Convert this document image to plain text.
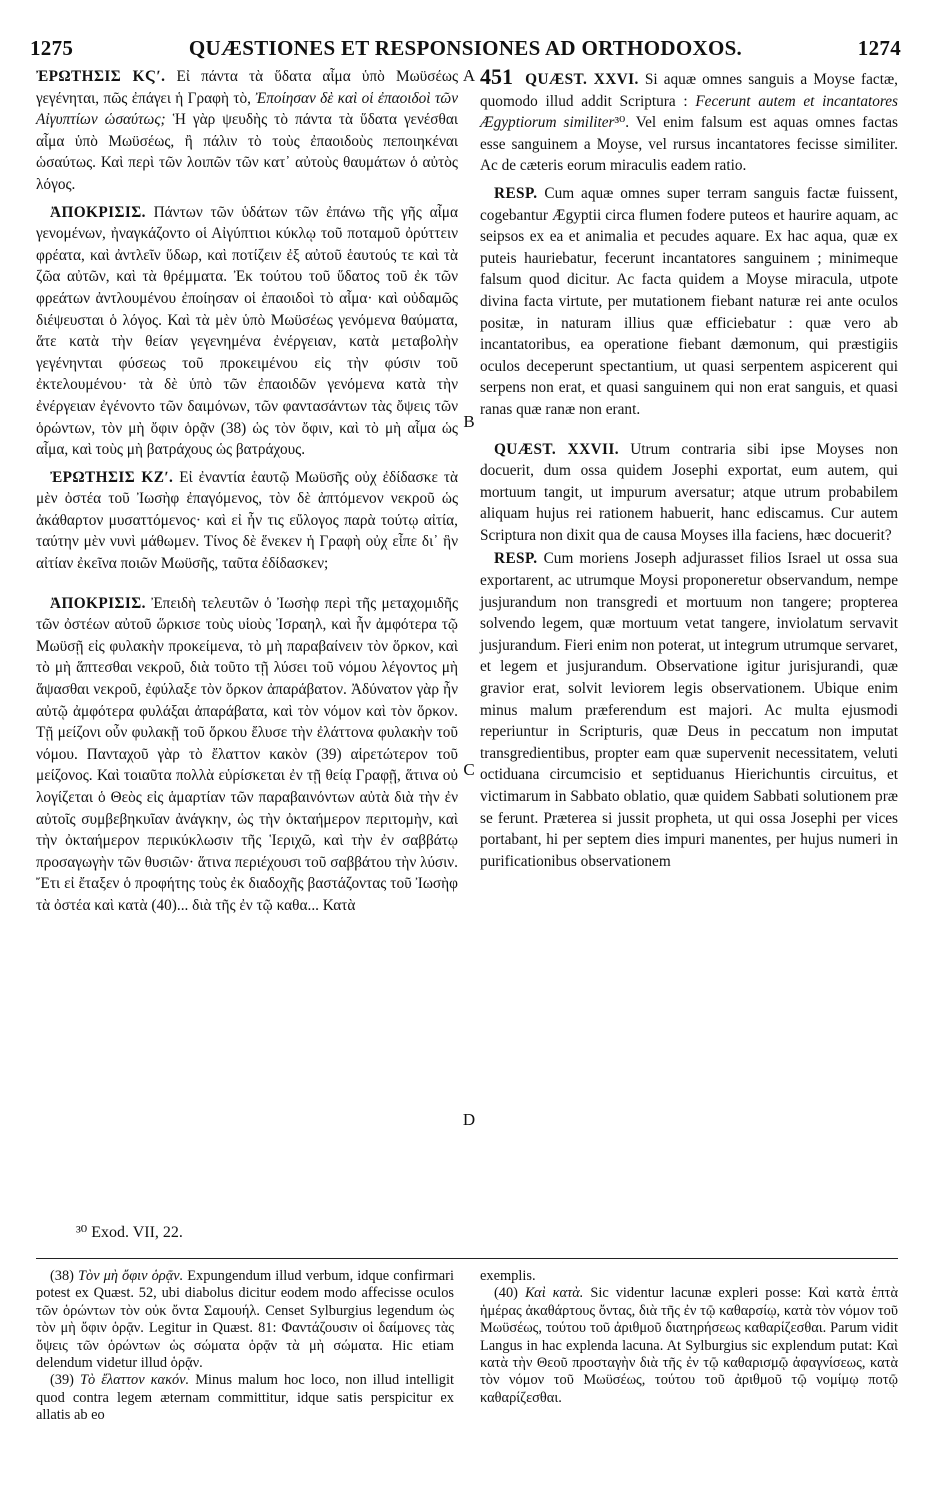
1275	QUÆSTIONES ET RESPONSIONES AD ORTHODOXOS.	1274

ἘΡΩΤΗΣΙΣ ΚϚʹ. Εἰ πάντα τὰ ὕδατα αἷμα ὑπὸ Μωϋσέως γεγένηται, πῶς ἐπάγει ἡ Γραφὴ τὸ, Ἐποίησαν δὲ καὶ οἱ ἐπαοιδοὶ τῶν Αἰγυπτίων ὡσαύτως; Ἡ γὰρ ψευδὴς τὸ πάντα τὰ ὕδατα γενέσθαι αἷμα ὑπὸ Μωϋσέως, ἢ πάλιν τὸ τοὺς ἐπαοιδοὺς πεποιηκέναι ὡσαύτως. Καὶ περὶ τῶν λοιπῶν τῶν κατ᾽ αὐτοὺς θαυμάτων ὁ αὐτὸς λόγος.

ἈΠΟΚΡΙΣΙΣ. Πάντων τῶν ὑδάτων τῶν ἐπάνω τῆς γῆς αἷμα γενομένων, ἠναγκάζοντο οἱ Αἰγύπτιοι κύκλῳ τοῦ ποταμοῦ ὀρύττειν φρέατα, καὶ ἀντλεῖν ὕδωρ, καὶ ποτίζειν ἐξ αὐτοῦ ἑαυτούς τε καὶ τὰ ζῶα αὐτῶν, καὶ τὰ θρέμματα. Ἐκ τούτου τοῦ ὕδατος τοῦ ἐκ τῶν φρεάτων ἀντλουμένου ἐποίησαν οἱ ἐπαοιδοὶ τὸ αἷμα· καὶ οὐδαμῶς διέψευσται ὁ λόγος. Καὶ τὰ μὲν ὑπὸ Μωϋσέως γενόμενα θαύματα, ἅτε κατὰ τὴν θείαν γεγενημένα ἐνέργειαν, κατὰ μεταβολὴν γεγένηνται φύσεως τοῦ προκειμένου εἰς τὴν φύσιν τοῦ ἐκτελουμένου· τὰ δὲ ὑπὸ τῶν ἐπαοιδῶν γενόμενα κατὰ τὴν ἐνέργειαν ἐγένοντο τῶν δαιμόνων, τῶν φαντασάντων τὰς ὄψεις τῶν ὁρώντων, τὸν μὴ ὄφιν ὁρᾷν (38) ὡς τὸν ὄφιν, καὶ τὸ μὴ αἷμα ὡς αἷμα, καὶ τοὺς μὴ βατράχους ὡς βατράχους.

ἘΡΩΤΗΣΙΣ ΚΖʹ. Εἰ ἐναντία ἑαυτῷ Μωϋσῆς οὐχ ἐδίδασκε τὰ μὲν ὀστέα τοῦ Ἰωσὴφ ἐπαγόμενος, τὸν δὲ ἀπτόμενον νεκροῦ ὡς ἀκάθαρτον μυσαττόμενος· καὶ εἰ ἦν τις εὔλογος παρὰ τούτῳ αἰτία, ταύτην μὲν νυνὶ μάθωμεν. Τίνος δὲ ἕνεκεν ἡ Γραφὴ οὐχ εἶπε δι᾽ ἣν αἰτίαν ἐκεῖνα ποιῶν Μωϋσῆς, ταῦτα ἐδίδασκεν;

ἈΠΟΚΡΙΣΙΣ. Ἐπειδὴ τελευτῶν ὁ Ἰωσὴφ περὶ τῆς μεταχομιδῆς τῶν ὀστέων αὐτοῦ ὥρκισε τοὺς υἱοὺς Ἰσραηλ, καὶ ἦν ἀμφότερα τῷ Μωϋσῇ εἰς φυλακὴν προκείμενα, τὸ μὴ παραβαίνειν τὸν ὅρκον, καὶ τὸ μὴ ἅπτεσθαι νεκροῦ, διὰ τοῦτο τῇ λύσει τοῦ νόμου λέγοντος μὴ ἅψασθαι νεκροῦ, ἐφύλαξε τὸν ὅρκον ἀπαράβατον. Ἀδύνατον γὰρ ἦν αὐτῷ ἀμφότερα φυλάξαι ἀπαράβατα, καὶ τὸν νόμον καὶ τὸν ὅρκον. Τῇ μείζονι οὖν φυλακῇ τοῦ ὅρκου ἔλυσε τὴν ἐλάττονα φυλακὴν τοῦ νόμου. Πανταχοῦ γὰρ τὸ ἔλαττον κακὸν (39) αἱρετώτερον τοῦ μείζονος. Καὶ τοιαῦτα πολλὰ εὑρίσκεται ἐν τῇ θείᾳ Γραφῇ, ἅτινα οὐ λογίζεται ὁ Θεὸς εἰς ἁμαρτίαν τῶν παραβαινόντων αὐτὰ διὰ τὴν ἐν αὐτοῖς συμβεβηκυῖαν ἀνάγκην, ὡς τὴν ὀκταήμερον περιτομὴν, καὶ τὴν ὀκταήμερον περικύκλωσιν τῆς Ἱεριχῶ, καὶ τὴν ἐν σαββάτῳ προσαγωγὴν τῶν θυσιῶν· ἅτινα περιέχουσι τοῦ σαββάτου τὴν λύσιν. Ἔτι εἰ ἔταξεν ὁ προφήτης τοὺς ἐκ διαδοχῆς βαστάζοντας τοῦ Ἰωσὴφ τὰ ὀστέα καὶ κατὰ (40)... διὰ τῆς ἐν τῷ καθα... Κατὰ

A
B
C
D

451 QUÆST. XXVI. Si aquæ omnes sanguis a Moyse factæ, quomodo illud addit Scriptura : Fecerunt autem et incantatores Ægyptiorum similiter³⁰. Vel enim falsum est aquas omnes factas esse sanguinem a Moyse, vel rursus incantatores fecisse similiter. Ac de cæteris eorum miraculis eadem ratio.

RESP. Cum aquæ omnes super terram sanguis factæ fuissent, cogebantur Ægyptii circa flumen fodere puteos et haurire aquam, ac seipsos ex ea et animalia et pecudes aquare. Ex hac aqua, quæ ex puteis hauriebatur, fecerunt incantatores sanguinem ; minimeque falsum quod dicitur. Ac facta quidem a Moyse miracula, utpote divina facta virtute, per mutationem fiebant naturæ rei ante oculos positæ, in naturam illius quæ efficiebatur : quæ vero ab incantatoribus, ea operatione fiebant dæmonum, qui præstigiis oculos deceperunt spectantium, ut quasi serpentem aspicerent qui serpens non erat, et quasi sanguinem qui non erat sanguis, et quasi ranas quæ ranæ non erant.

QUÆST. XXVII. Utrum contraria sibi ipse Moyses non docuerit, dum ossa quidem Josephi exportat, eum autem, qui mortuum tangit, ut impurum aversatur; atque utrum probabilem aliquam hujus rei rationem habuerit, hanc ediscamus. Cur autem Scriptura non dixit qua de causa Moyses illa faciens, hæc docuerit?

RESP. Cum moriens Joseph adjurasset filios Israel ut ossa sua exportarent, ac utrumque Moysi proponeretur observandum, nempe jusjurandum non transgredi et mortuum non tangere; propterea solvendo legem, quæ mortuum vetat tangere, inviolatum servavit jusjurandum. Fieri enim non poterat, ut integrum utrumque servaret, et legem et jusjurandum. Observatione igitur jurisjurandi, quæ gravior erat, solvit leviorem legis observationem. Ubique enim minus malum præferendum est majori. Ac multa ejusmodi reperiuntur in Scripturis, quæ Deus in peccatum non imputat transgredientibus, propter eam quæ supervenit necessitatem, veluti octiduana circumcisio et septiduanus Hierichuntis circuitus, et victimarum in Sabbato oblatio, quæ quidem Sabbati solutionem præ se ferunt. Præterea si jussit propheta, ut qui ossa Josephi per vices portabant, hi per septem dies impuri manentes, per hujus numeri in purificationibus observationem

³⁰ Exod. VII, 22.

(38) Τὸν μὴ ὄφιν ὁρᾷν. Expungendum illud verbum, idque confirmari potest ex Quæst. 52, ubi diabolus dicitur eodem modo affecisse oculos τῶν ὁρώντων τὸν οὐκ ὄντα Σαμουήλ. Censet Sylburgius legendum ὡς τὸν μὴ ὄφιν ὁρᾷν. Legitur in Quæst. 81: Φαντάζουσιν οἱ δαίμονες τὰς ὄψεις τῶν ὁρώντων ὡς σώματα ὁρᾷν τὰ μὴ σώματα. Hic etiam delendum videtur illud ὁρᾷν.

(39) Τὸ ἔλαττον κακόν. Minus malum hoc loco, non illud intelligit quod contra legem æternam committitur, idque satis perspicitur ex allatis ab eo

exemplis.

(40) Καὶ κατὰ. Sic videntur lacunæ expleri posse: Καὶ κατὰ ἑπτὰ ἡμέρας ἀκαθάρτους ὄντας, διὰ τῆς ἐν τῷ καθαρσίῳ, κατὰ τὸν νόμον τοῦ Μωϋσέως, τούτου τοῦ ἀριθμοῦ διατηρήσεως καθαρίζεσθαι. Parum vidit Langus in hac explenda lacuna. At Sylburgius sic explendum putat: Καὶ κατὰ τὴν Θεοῦ προσταγὴν διὰ τῆς ἐν τῷ καθαρισμῷ ἀφαγνίσεως, κατὰ τὸν νόμον τοῦ Μωϋσέως, τούτου τοῦ ἀριθμοῦ τῷ νομίμῳ ποτῷ καθαρίζεσθαι.
